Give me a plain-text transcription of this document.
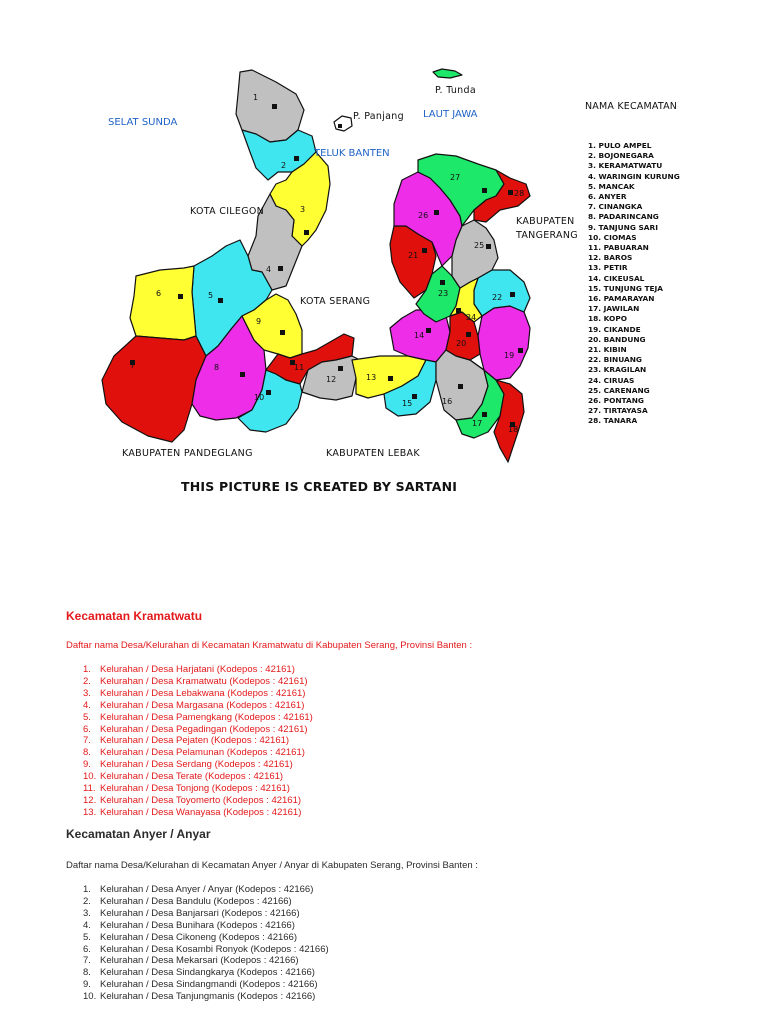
1
2
3
4
5
6
7	8
9
10
11
12	13
14
15	16
17
18
19
20
21
22
23
24
25
26
27
28
SELAT SUNDA
TELUK BANTEN
LAUT JAWA
P. Tunda
P. Panjang
KOTA CILEGON
KOTA SERANG
KABUPATEN
TANGERANG
KABUPATEN PANDEGLANG	KABUPATEN LEBAK
NAMA KECAMATAN
1. PULO AMPEL
2. BOJONEGARA
3. KERAMATWATU
4. WARINGIN KURUNG
5. MANCAK
6. ANYER
7. CINANGKA
8. PADARINCANG
9. TANJUNG SARI
10. CIOMAS
11. PABUARAN
12. BAROS
13. PETIR
14. CIKEUSAL
15. TUNJUNG TEJA
16. PAMARAYAN
17. JAWILAN
18. KOPO
19. CIKANDE
20. BANDUNG
21. KIBIN
22. BINUANG
23. KRAGILAN
24. CIRUAS
25. CARENANG
26. PONTANG
27. TIRTAYASA
28. TANARA
THIS PICTURE IS CREATED BY SARTANI
Kecamatan Kramatwatu

Daftar nama Desa/Kelurahan di Kecamatan Kramatwatu di Kabupaten Serang, Provinsi Banten :

1. Kelurahan / Desa Harjatani (Kodepos : 42161)
2. Kelurahan / Desa Kramatwatu (Kodepos : 42161)
3. Kelurahan / Desa Lebakwana (Kodepos : 42161)
4. Kelurahan / Desa Margasana (Kodepos : 42161)
5. Kelurahan / Desa Pamengkang (Kodepos : 42161)
6. Kelurahan / Desa Pegadingan (Kodepos : 42161)
7. Kelurahan / Desa Pejaten (Kodepos : 42161)
8. Kelurahan / Desa Pelamunan (Kodepos : 42161)
9. Kelurahan / Desa Serdang (Kodepos : 42161)
10. Kelurahan / Desa Terate (Kodepos : 42161)
11. Kelurahan / Desa Tonjong (Kodepos : 42161)
12. Kelurahan / Desa Toyomerto (Kodepos : 42161)
13. Kelurahan / Desa Wanayasa (Kodepos : 42161)
Kecamatan Anyer / Anyar

Daftar nama Desa/Kelurahan di Kecamatan Anyer / Anyar di Kabupaten Serang, Provinsi Banten :

1. Kelurahan / Desa Anyer / Anyar (Kodepos : 42166)
2. Kelurahan / Desa Bandulu (Kodepos : 42166)
3. Kelurahan / Desa Banjarsari (Kodepos : 42166)
4. Kelurahan / Desa Bunihara (Kodepos : 42166)
5. Kelurahan / Desa Cikoneng (Kodepos : 42166)
6. Kelurahan / Desa Kosambi Ronyok (Kodepos : 42166)
7. Kelurahan / Desa Mekarsari (Kodepos : 42166)
8. Kelurahan / Desa Sindangkarya (Kodepos : 42166)
9. Kelurahan / Desa Sindangmandi (Kodepos : 42166)
10. Kelurahan / Desa Tanjungmanis (Kodepos : 42166)
